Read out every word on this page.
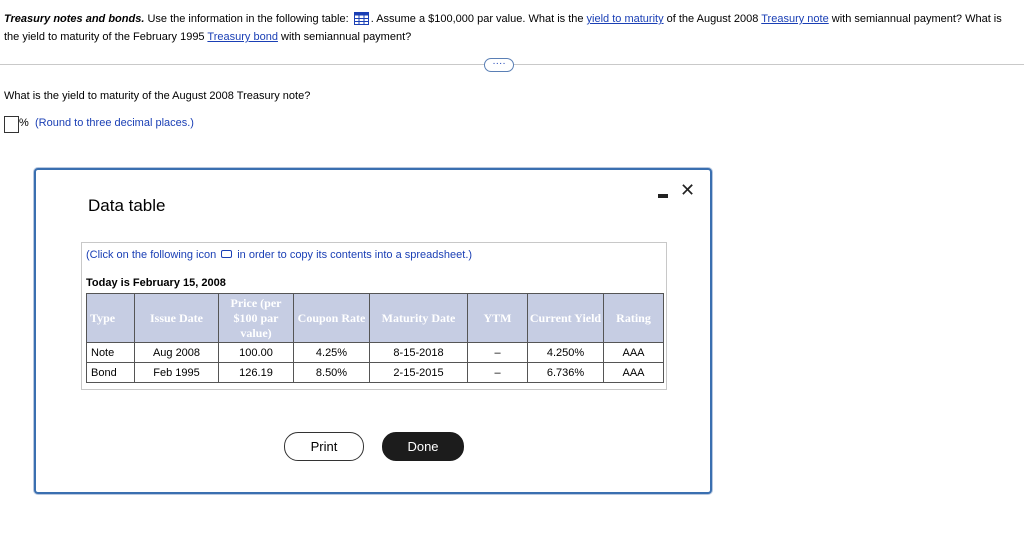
Treasury notes and bonds. Use the information in the following table: . Assume a $100,000 par value. What is the yield to maturity of the August 2008 Treasury note with semiannual payment? What is the yield to maturity of the February 1995 Treasury bond with semiannual payment?
····
What is the yield to maturity of the August 2008 Treasury note?
% (Round to three decimal places.)
Data table
✕
(Click on the following icon in order to copy its contents into a spreadsheet.)
Today is February 15, 2008
Type	Issue Date	Price (per $100 par value)	Coupon Rate	Maturity Date	YTM	Current Yield	Rating
Note	Aug 2008	100.00	4.25%	8-15-2018	–	4.250%	AAA
Bond	Feb 1995	126.19	8.50%	2-15-2015	–	6.736%	AAA
Print	Done
